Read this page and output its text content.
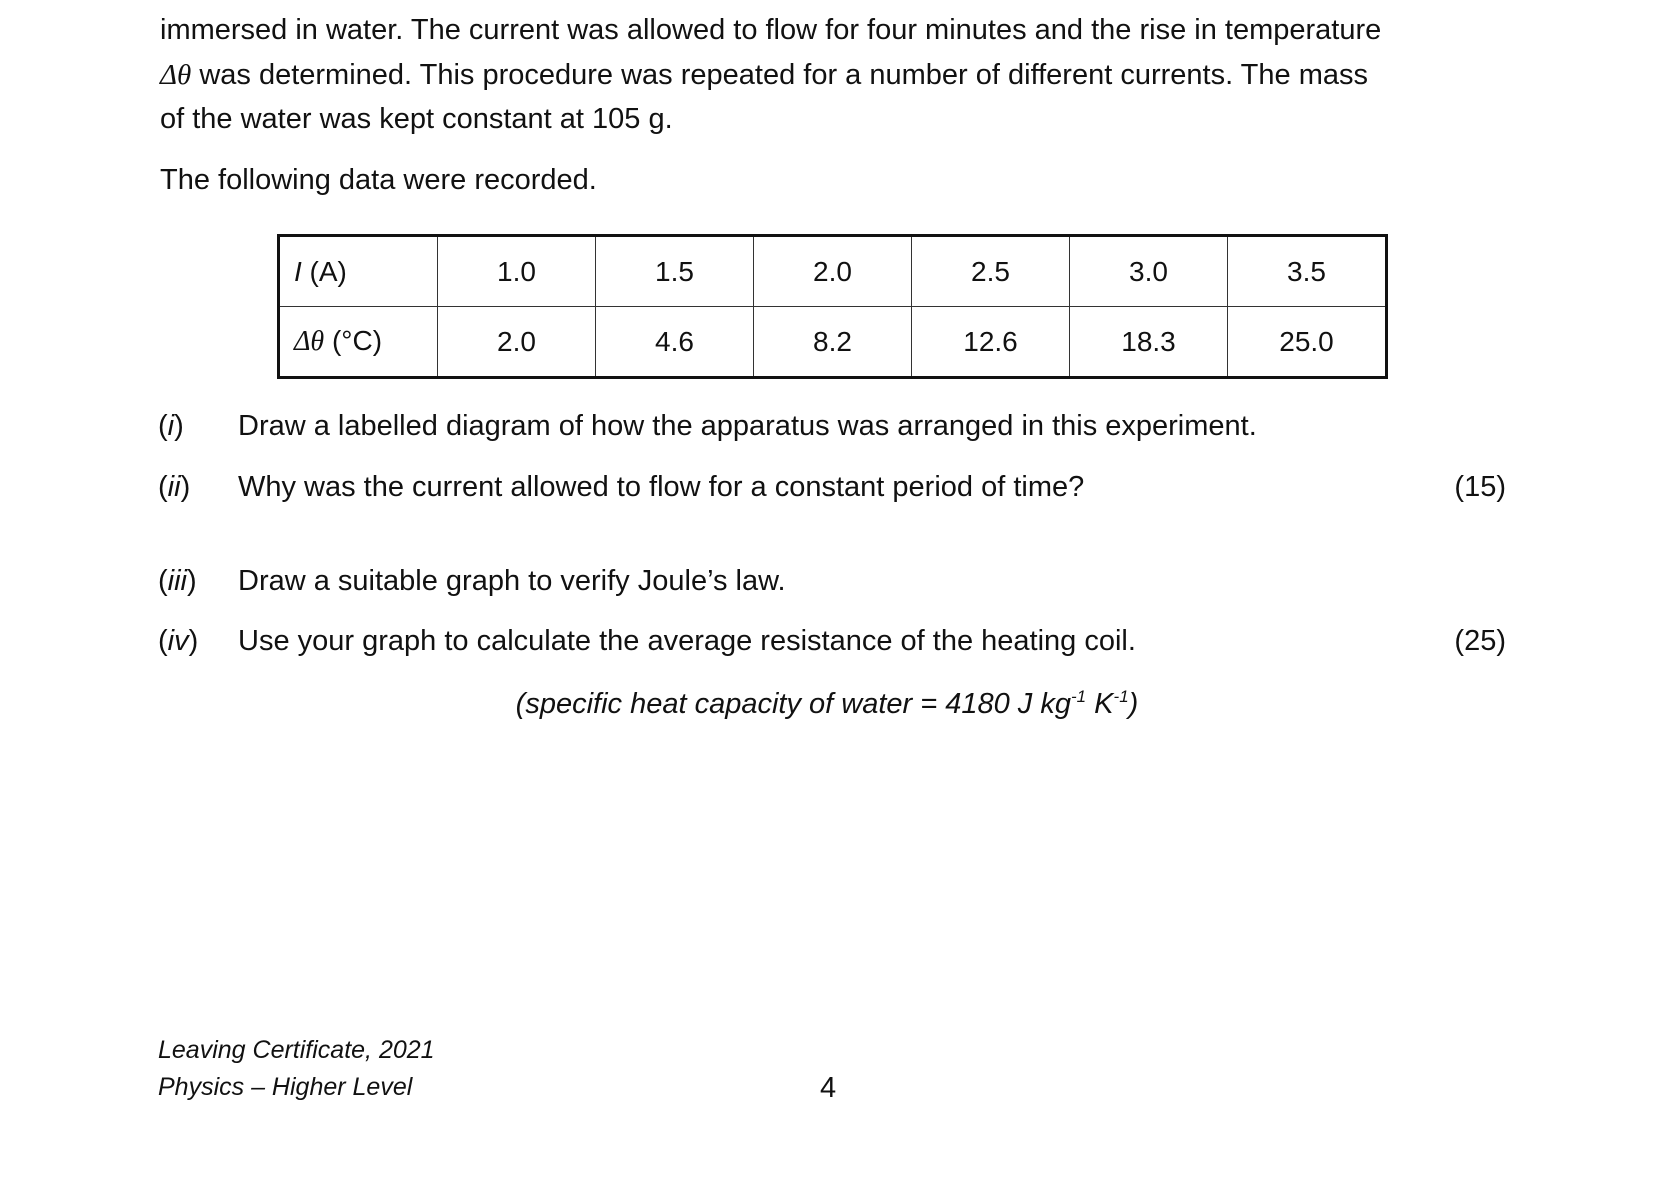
immersed in water. The current was allowed to flow for four minutes and the rise in temperature
Δθ was determined. This procedure was repeated for a number of different currents. The mass
of the water was kept constant at 105 g.
The following data were recorded.
I (A)	1.0	1.5	2.0	2.5	3.0	3.5
Δθ (°C)	2.0	4.6	8.2	12.6	18.3	25.0
(i) Draw a labelled diagram of how the apparatus was arranged in this experiment.
(ii) Why was the current allowed to flow for a constant period of time?	(15)
(iii) Draw a suitable graph to verify Joule’s law.
(iv) Use your graph to calculate the average resistance of the heating coil.	(25)
(specific heat capacity of water = 4180 J $kg^{-1}$ $K^{-1}$)
Leaving Certificate, 2021
Physics – Higher Level	4
